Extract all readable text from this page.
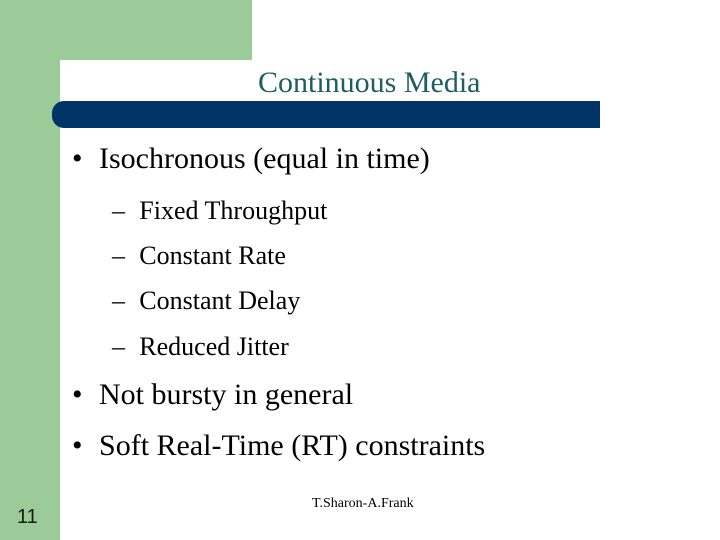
Continuous Media
• Isochronous (equal in time)
– Fixed Throughput
– Constant Rate
– Constant Delay
– Reduced Jitter
• Not bursty in general
• Soft Real-Time (RT) constraints
11
T.Sharon-A.Frank
